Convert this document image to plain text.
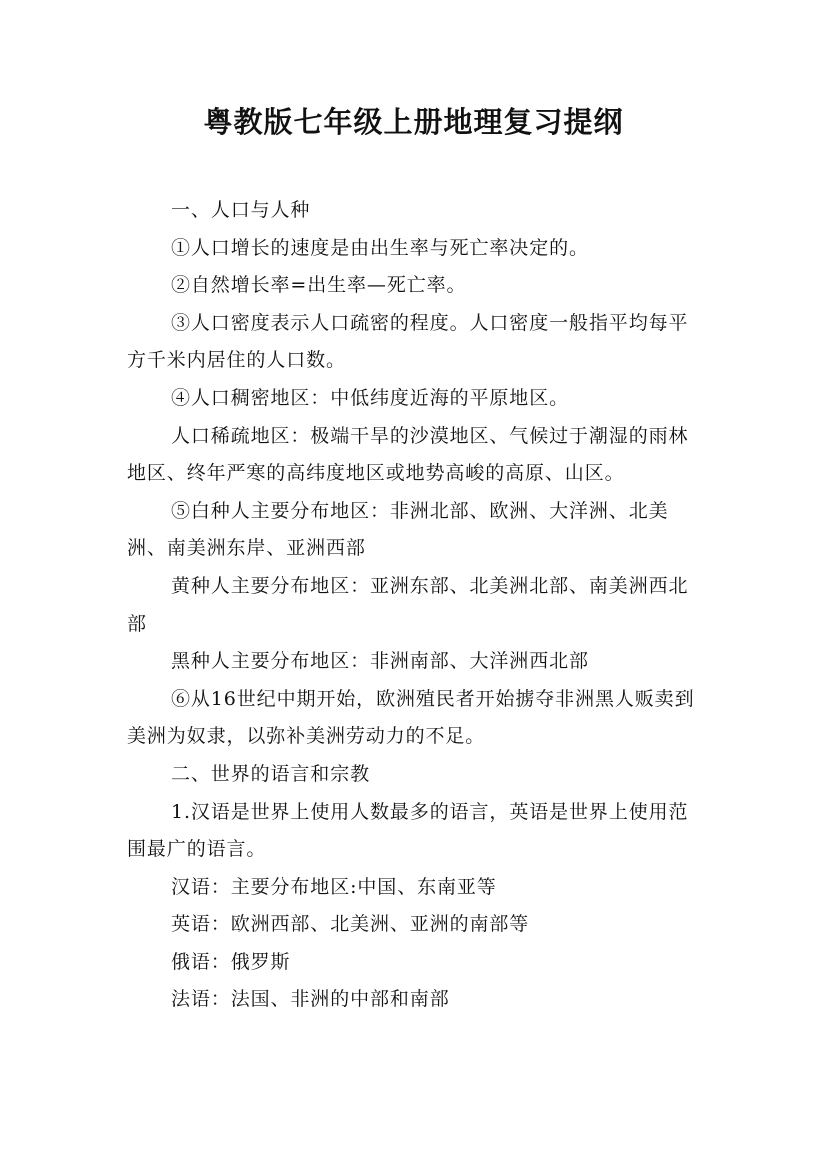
粤教版七年级上册地理复习提纲

一、人口与人种

①人口增长的速度是由出生率与死亡率决定的。

②自然增长率=出生率—死亡率。

③人口密度表示人口疏密的程度。人口密度一般指平均每平方千米内居住的人口数。

④人口稠密地区：中低纬度近海的平原地区。

人口稀疏地区：极端干旱的沙漠地区、气候过于潮湿的雨林地区、终年严寒的高纬度地区或地势高峻的高原、山区。

⑤白种人主要分布地区：非洲北部、欧洲、大洋洲、北美洲、南美洲东岸、亚洲西部

黄种人主要分布地区：亚洲东部、北美洲北部、南美洲西北部

黑种人主要分布地区：非洲南部、大洋洲西北部

⑥从16世纪中期开始，欧洲殖民者开始掳夺非洲黑人贩卖到美洲为奴隶，以弥补美洲劳动力的不足。

二、世界的语言和宗教

1.汉语是世界上使用人数最多的语言，英语是世界上使用范围最广的语言。

汉语：主要分布地区:中国、东南亚等

英语：欧洲西部、北美洲、亚洲的南部等

俄语：俄罗斯

法语：法国、非洲的中部和南部
